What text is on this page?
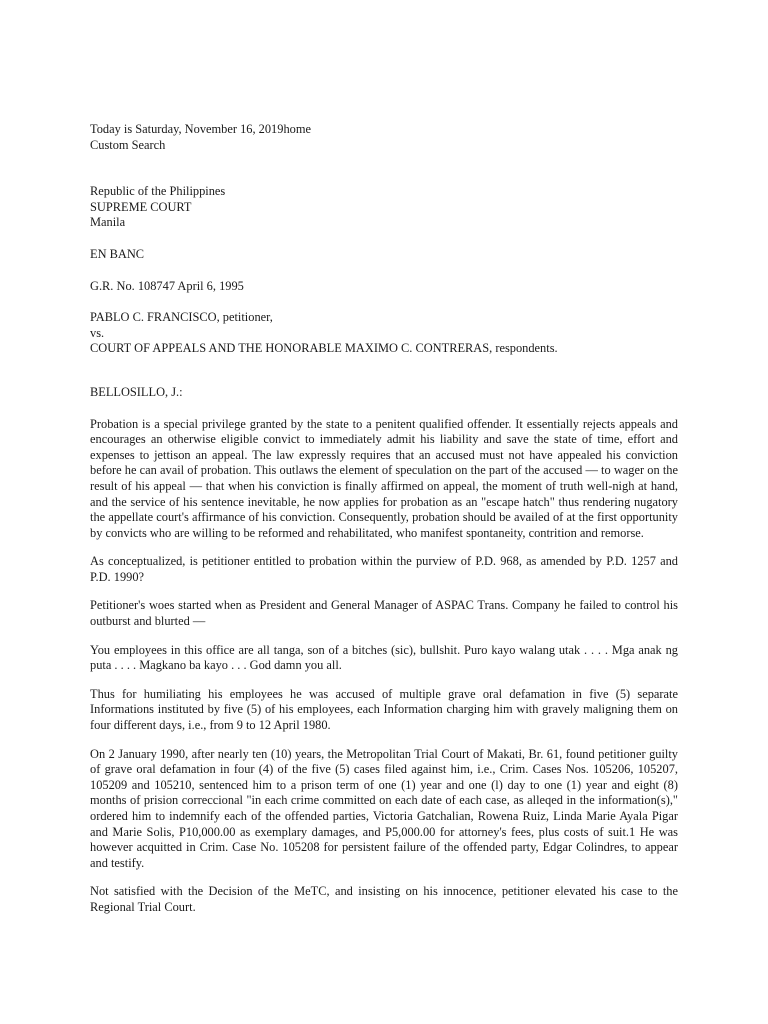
Today is Saturday, November 16, 2019home
Custom Search
Republic of the Philippines
SUPREME COURT
Manila
EN BANC
G.R. No. 108747 April 6, 1995
PABLO C. FRANCISCO, petitioner,
vs.
COURT OF APPEALS AND THE HONORABLE MAXIMO C. CONTRERAS, respondents.
BELLOSILLO, J.:

Probation is a special privilege granted by the state to a penitent qualified offender. It essentially rejects appeals and encourages an otherwise eligible convict to immediately admit his liability and save the state of time, effort and expenses to jettison an appeal. The law expressly requires that an accused must not have appealed his conviction before he can avail of probation. This outlaws the element of speculation on the part of the accused — to wager on the result of his appeal — that when his conviction is finally affirmed on appeal, the moment of truth well-nigh at hand, and the service of his sentence inevitable, he now applies for probation as an "escape hatch" thus rendering nugatory the appellate court's affirmance of his conviction. Consequently, probation should be availed of at the first opportunity by convicts who are willing to be reformed and rehabilitated, who manifest spontaneity, contrition and remorse.

As conceptualized, is petitioner entitled to probation within the purview of P.D. 968, as amended by P.D. 1257 and P.D. 1990?

Petitioner's woes started when as President and General Manager of ASPAC Trans. Company he failed to control his outburst and blurted —

You employees in this office are all tanga, son of a bitches (sic), bullshit. Puro kayo walang utak . . . . Mga anak ng puta . . . . Magkano ba kayo . . . God damn you all.

Thus for humiliating his employees he was accused of multiple grave oral defamation in five (5) separate Informations instituted by five (5) of his employees, each Information charging him with gravely maligning them on four different days, i.e., from 9 to 12 April 1980.

On 2 January 1990, after nearly ten (10) years, the Metropolitan Trial Court of Makati, Br. 61, found petitioner guilty of grave oral defamation in four (4) of the five (5) cases filed against him, i.e., Crim. Cases Nos. 105206, 105207, 105209 and 105210, sentenced him to a prison term of one (1) year and one (l) day to one (1) year and eight (8) months of prision correccional "in each crime committed on each date of each case, as alleqed in the information(s)," ordered him to indemnify each of the offended parties, Victoria Gatchalian, Rowena Ruiz, Linda Marie Ayala Pigar and Marie Solis, P10,000.00 as exemplary damages, and P5,000.00 for attorney's fees, plus costs of suit.1 He was however acquitted in Crim. Case No. 105208 for persistent failure of the offended party, Edgar Colindres, to appear and testify.

Not satisfied with the Decision of the MeTC, and insisting on his innocence, petitioner elevated his case to the Regional Trial Court.
